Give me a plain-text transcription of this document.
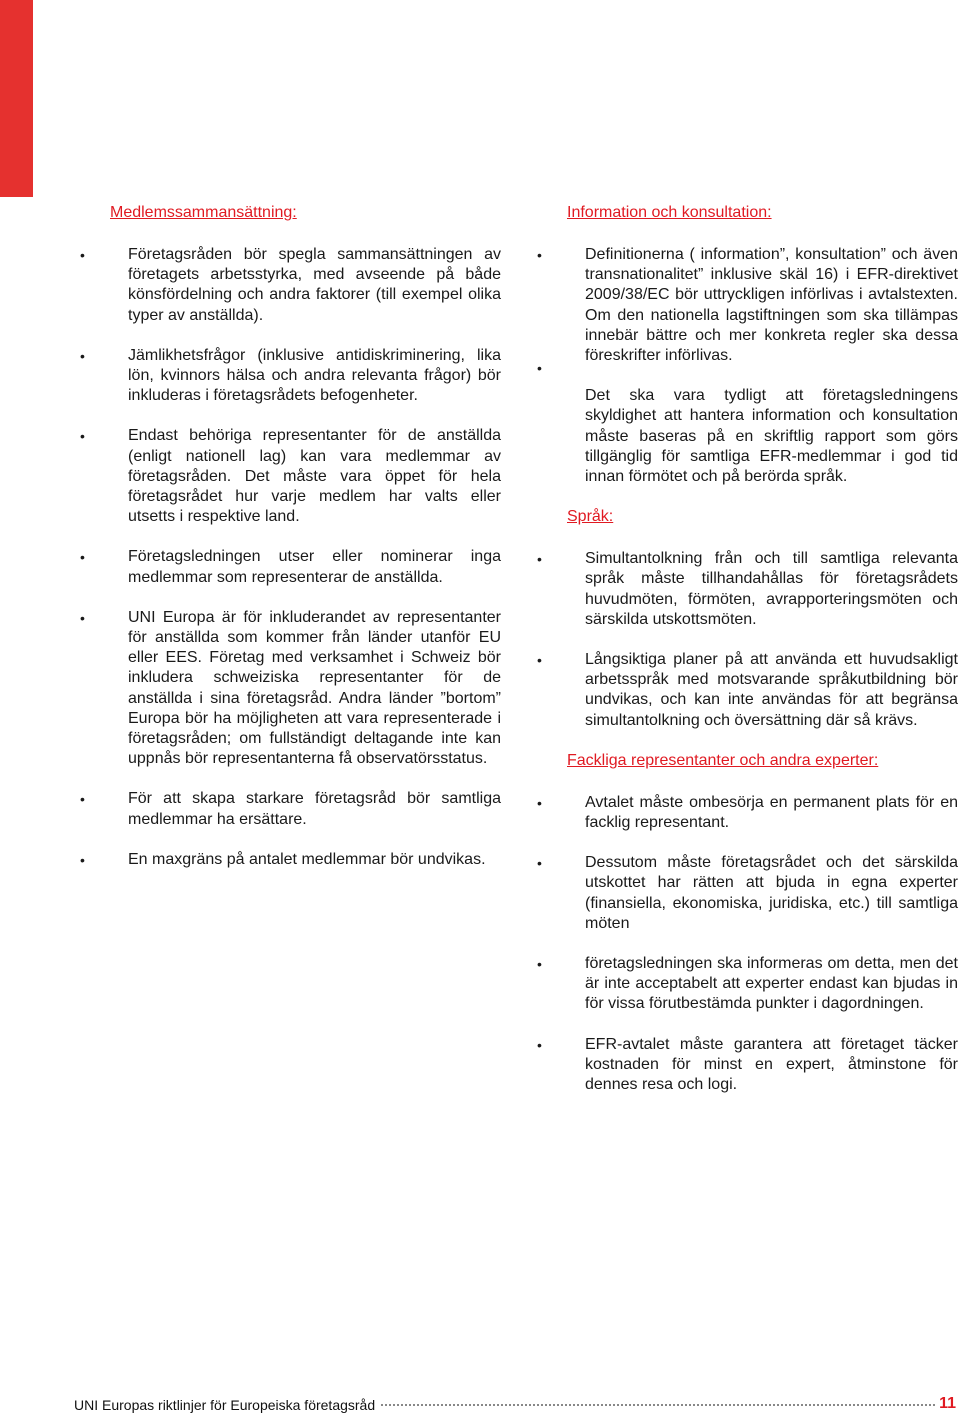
Medlemssammansättning:
•	Företagsråden bör spegla sammansättningen av företagets arbetsstyrka, med avseende på både könsfördelning och andra faktorer (till exempel olika typer av anställda).
•	Jämlikhetsfrågor (inklusive antidiskriminering, lika lön, kvinnors hälsa och andra relevanta frågor) bör inkluderas i företagsrådets befogenheter.
•	Endast behöriga representanter för de anställda (enligt nationell lag) kan vara medlemmar av företagsråden. Det måste vara öppet för hela företagsrådet hur varje medlem har valts eller utsetts i respektive land.
•	Företagsledningen utser eller nominerar inga medlemmar som representerar de anställda.
•	UNI Europa är för inkluderandet av representanter för anställda som kommer från länder utanför EU eller EES. Företag med verksamhet i Schweiz bör inkludera schweiziska representanter för de anställda i sina företagsråd. Andra länder ”bortom” Europa bör ha möjligheten att vara representerade i företagsråden; om fullständigt deltagande inte kan uppnås bör representanterna få observatörsstatus.
•	För att skapa starkare företagsråd bör samtliga medlemmar ha ersättare.
•	En maxgräns på antalet medlemmar bör undvikas.
Information och konsultation:
•	Definitionerna ( information”, konsultation” och även transnationalitet” inklusive skäl 16) i EFR-direktivet 2009/38/EC bör uttryckligen införlivas i avtalstexten. Om den nationella lagstiftningen som ska tillämpas innebär bättre och mer konkreta regler ska dessa föreskrifter införlivas.
•
Det ska vara tydligt att företagsledningens skyldighet att hantera information och konsultation måste baseras på en skriftlig rapport som görs tillgänglig för samtliga EFR-medlemmar i god tid innan förmötet och på berörda språk.
Språk:
•	Simultantolkning från och till samtliga relevanta språk måste tillhandahållas för företagsrådets huvudmöten, förmöten, avrapporteringsmöten och särskilda utskottsmöten.
•	Långsiktiga planer på att använda ett huvudsakligt arbetsspråk med motsvarande språkutbildning bör undvikas, och kan inte användas för att begränsa simultantolkning och översättning där så krävs.
Fackliga representanter och andra experter:
•	Avtalet måste ombesörja en permanent plats för en facklig representant.
•	Dessutom måste företagsrådet och det särskilda utskottet har rätten att bjuda in egna experter (finansiella, ekonomiska, juridiska, etc.) till samtliga möten
•	företagsledningen ska informeras om detta, men det är inte acceptabelt att experter endast kan bjudas in för vissa förutbestämda punkter i dagordningen.
•	EFR-avtalet måste garantera att företaget täcker kostnaden för minst en expert, åtminstone för dennes resa och logi.
UNI Europas riktlinjer för Europeiska företagsråd	11
